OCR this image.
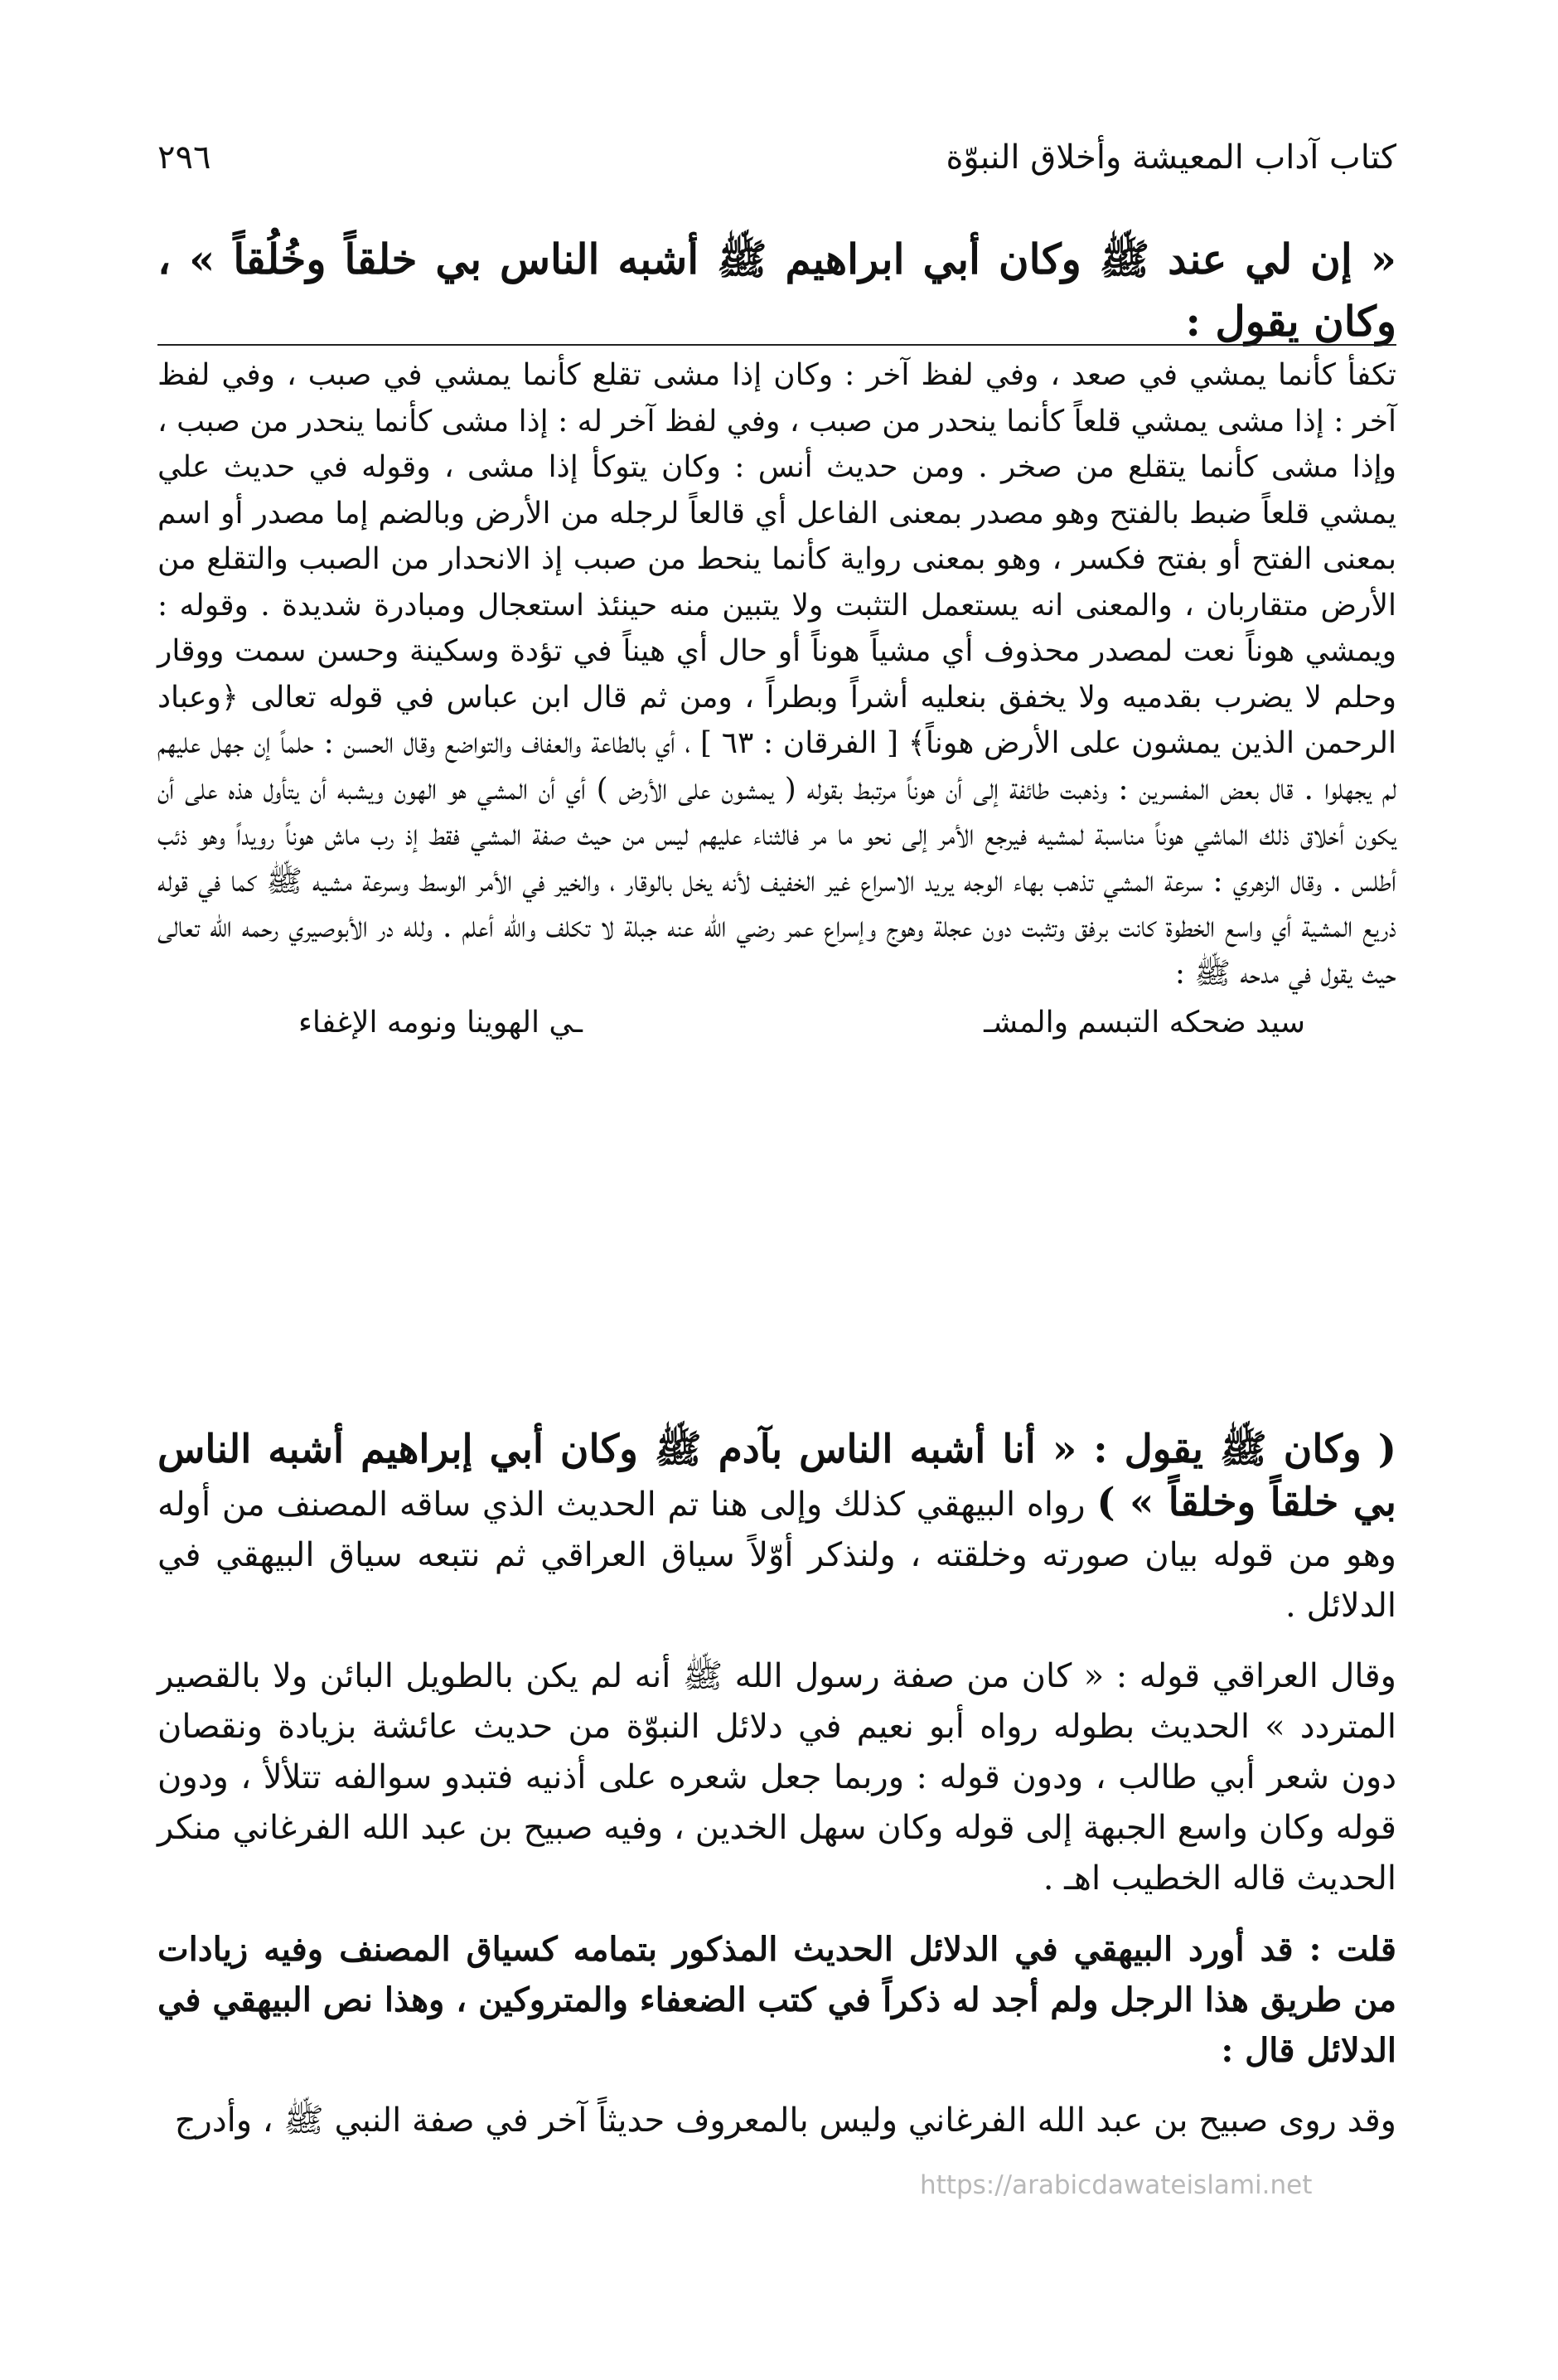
كتاب آداب المعيشة وأخلاق النبوّة
٢٩٦
« إن لي عند ﷺ وكان أبي ابراهيم ﷺ أشبه الناس بي خلقاً وخُلُقاً » ، وكان يقول :

تكفأ كأنما يمشي في صعد ، وفي لفظ آخر : وكان إذا مشى تقلع كأنما يمشي في صبب ، وفي لفظ آخر : إذا مشى يمشي قلعاً كأنما ينحدر من صبب ، وفي لفظ آخر له : إذا مشى كأنما ينحدر من صبب ، وإذا مشى كأنما يتقلع من صخر . ومن حديث أنس : وكان يتوكأ إذا مشى ، وقوله في حديث علي يمشي قلعاً ضبط بالفتح وهو مصدر بمعنى الفاعل أي قالعاً لرجله من الأرض وبالضم إما مصدر أو اسم بمعنى الفتح أو بفتح فكسر ، وهو بمعنى رواية كأنما ينحط من صبب إذ الانحدار من الصبب والتقلع من الأرض متقاربان ، والمعنى انه يستعمل التثبت ولا يتبين منه حينئذ استعجال ومبادرة شديدة . وقوله : ويمشي هوناً نعت لمصدر محذوف أي مشياً هوناً أو حال أي هيناً في تؤدة وسكينة وحسن سمت ووقار وحلم لا يضرب بقدميه ولا يخفق بنعليه أشراً وبطراً ، ومن ثم قال ابن عباس في قوله تعالى ﴿وعباد الرحمن الذين يمشون على الأرض هوناً﴾ [ الفرقان : ٦٣ ] ، أي بالطاعة والعفاف والتواضع وقال الحسن : حلماً إن جهل عليهم لم يجهلوا . قال بعض المفسرين : وذهبت طائفة إلى أن هوناً مرتبط بقوله ( يمشون على الأرض ) أي أن المشي هو الهون ويشبه أن يتأول هذه على أن يكون أخلاق ذلك الماشي هوناً مناسبة لمشيه فيرجع الأمر إلى نحو ما مر فالثناء عليهم ليس من حيث صفة المشي فقط إذ رب ماش هوناً رويداً وهو ذئب أطلس . وقال الزهري : سرعة المشي تذهب بهاء الوجه يريد الاسراع غير الخفيف لأنه يخل بالوقار ، والخير في الأمر الوسط وسرعة مشيه ﷺ كما في قوله ذريع المشية أي واسع الخطوة كانت برفق وتثبت دون عجلة وهوج وإسراع عمر رضي الله عنه جبلة لا تكلف والله أعلم . ولله در الأبوصيري رحمه الله تعالى حيث يقول في مدحه ﷺ :

سيد ضحكه التبسم والمشـ
ـي الهوينا ونومه الإغفاء

( وكان ﷺ يقول : « أنا أشبه الناس بآدم ﷺ وكان أبي إبراهيم أشبه الناس بي خلقاً وخلقاً » ) رواه البيهقي كذلك وإلى هنا تم الحديث الذي ساقه المصنف من أوله وهو من قوله بيان صورته وخلقته ، ولنذكر أوّلاً سياق العراقي ثم نتبعه سياق البيهقي في الدلائل .

وقال العراقي قوله : « كان من صفة رسول الله ﷺ أنه لم يكن بالطويل البائن ولا بالقصير المتردد » الحديث بطوله رواه أبو نعيم في دلائل النبوّة من حديث عائشة بزيادة ونقصان دون شعر أبي طالب ، ودون قوله : وربما جعل شعره على أذنيه فتبدو سوالفه تتلألأ ، ودون قوله وكان واسع الجبهة إلى قوله وكان سهل الخدين ، وفيه صبيح بن عبد الله الفرغاني منكر الحديث قاله الخطيب اهـ .

قلت : قد أورد البيهقي في الدلائل الحديث المذكور بتمامه كسياق المصنف وفيه زيادات من طريق هذا الرجل ولم أجد له ذكراً في كتب الضعفاء والمتروكين ، وهذا نص البيهقي في الدلائل قال :

وقد روى صبيح بن عبد الله الفرغاني وليس بالمعروف حديثاً آخر في صفة النبي ﷺ ، وأدرج

https://arabicdawateislami.net
